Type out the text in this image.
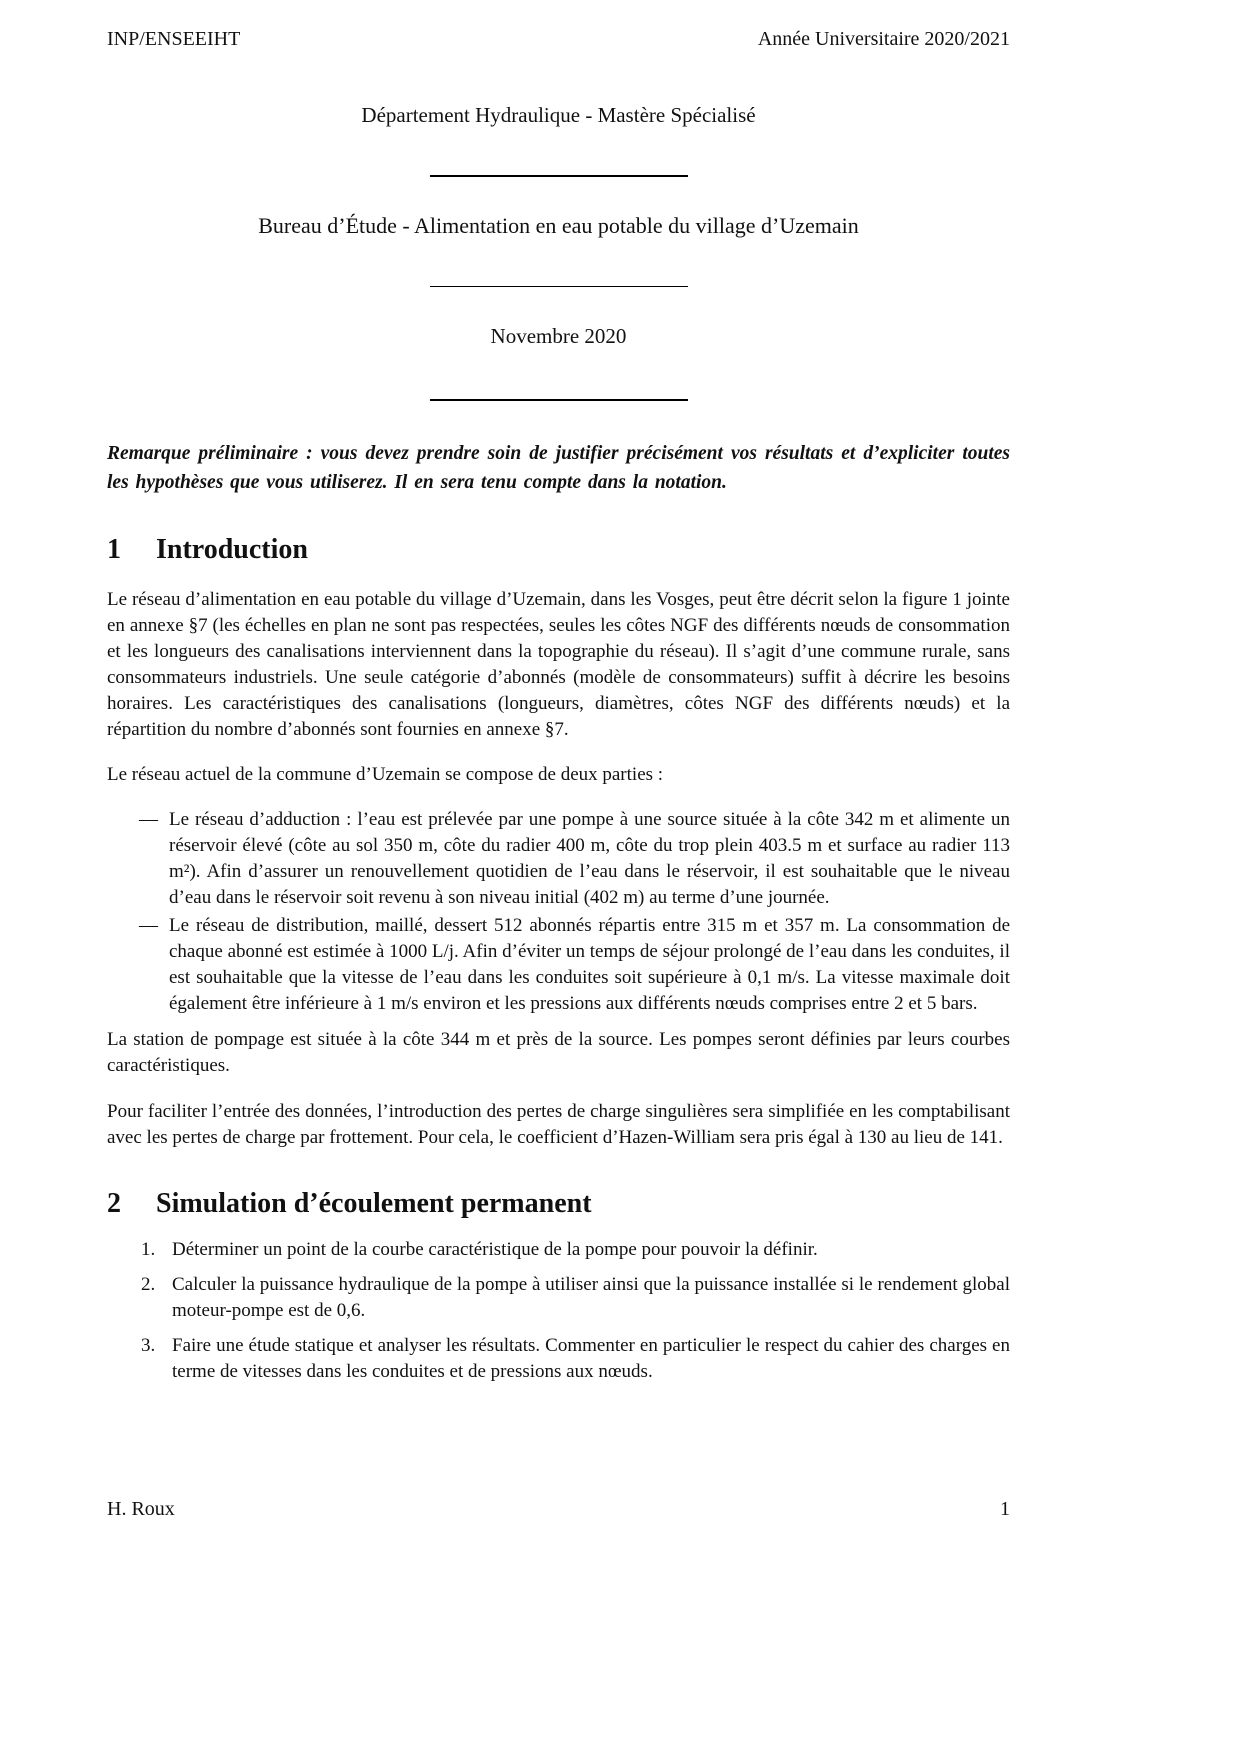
INP/ENSEEIHT	Année Universitaire 2020/2021
Département Hydraulique - Mastère Spécialisé
Bureau d’Étude - Alimentation en eau potable du village d’Uzemain
Novembre 2020

Remarque préliminaire : vous devez prendre soin de justifier précisément vos résultats et d’expliciter toutes les hypothèses que vous utiliserez. Il en sera tenu compte dans la notation.

1 Introduction

Le réseau d’alimentation en eau potable du village d’Uzemain, dans les Vosges, peut être décrit selon la figure 1 jointe en annexe §7 (les échelles en plan ne sont pas respectées, seules les côtes NGF des différents nœuds de consommation et les longueurs des canalisations interviennent dans la topographie du réseau). Il s’agit d’une commune rurale, sans consommateurs industriels. Une seule catégorie d’abonnés (modèle de consommateurs) suffit à décrire les besoins horaires. Les caractéristiques des canalisations (longueurs, diamètres, côtes NGF des différents nœuds) et la répartition du nombre d’abonnés sont fournies en annexe §7.

Le réseau actuel de la commune d’Uzemain se compose de deux parties :

— Le réseau d’adduction : l’eau est prélevée par une pompe à une source située à la côte 342 m et alimente un réservoir élevé (côte au sol 350 m, côte du radier 400 m, côte du trop plein 403.5 m et surface au radier 113 m²). Afin d’assurer un renouvellement quotidien de l’eau dans le réservoir, il est souhaitable que le niveau d’eau dans le réservoir soit revenu à son niveau initial (402 m) au terme d’une journée.
— Le réseau de distribution, maillé, dessert 512 abonnés répartis entre 315 m et 357 m. La consommation de chaque abonné est estimée à 1000 L/j. Afin d’éviter un temps de séjour prolongé de l’eau dans les conduites, il est souhaitable que la vitesse de l’eau dans les conduites soit supérieure à 0,1 m/s. La vitesse maximale doit également être inférieure à 1 m/s environ et les pressions aux différents nœuds comprises entre 2 et 5 bars.

La station de pompage est située à la côte 344 m et près de la source. Les pompes seront définies par leurs courbes caractéristiques.

Pour faciliter l’entrée des données, l’introduction des pertes de charge singulières sera simplifiée en les comptabilisant avec les pertes de charge par frottement. Pour cela, le coefficient d’Hazen-William sera pris égal à 130 au lieu de 141.

2 Simulation d’écoulement permanent
1. Déterminer un point de la courbe caractéristique de la pompe pour pouvoir la définir.
2. Calculer la puissance hydraulique de la pompe à utiliser ainsi que la puissance installée si le rendement global moteur-pompe est de 0,6.
3. Faire une étude statique et analyser les résultats. Commenter en particulier le respect du cahier des charges en terme de vitesses dans les conduites et de pressions aux nœuds.
H. Roux	1
